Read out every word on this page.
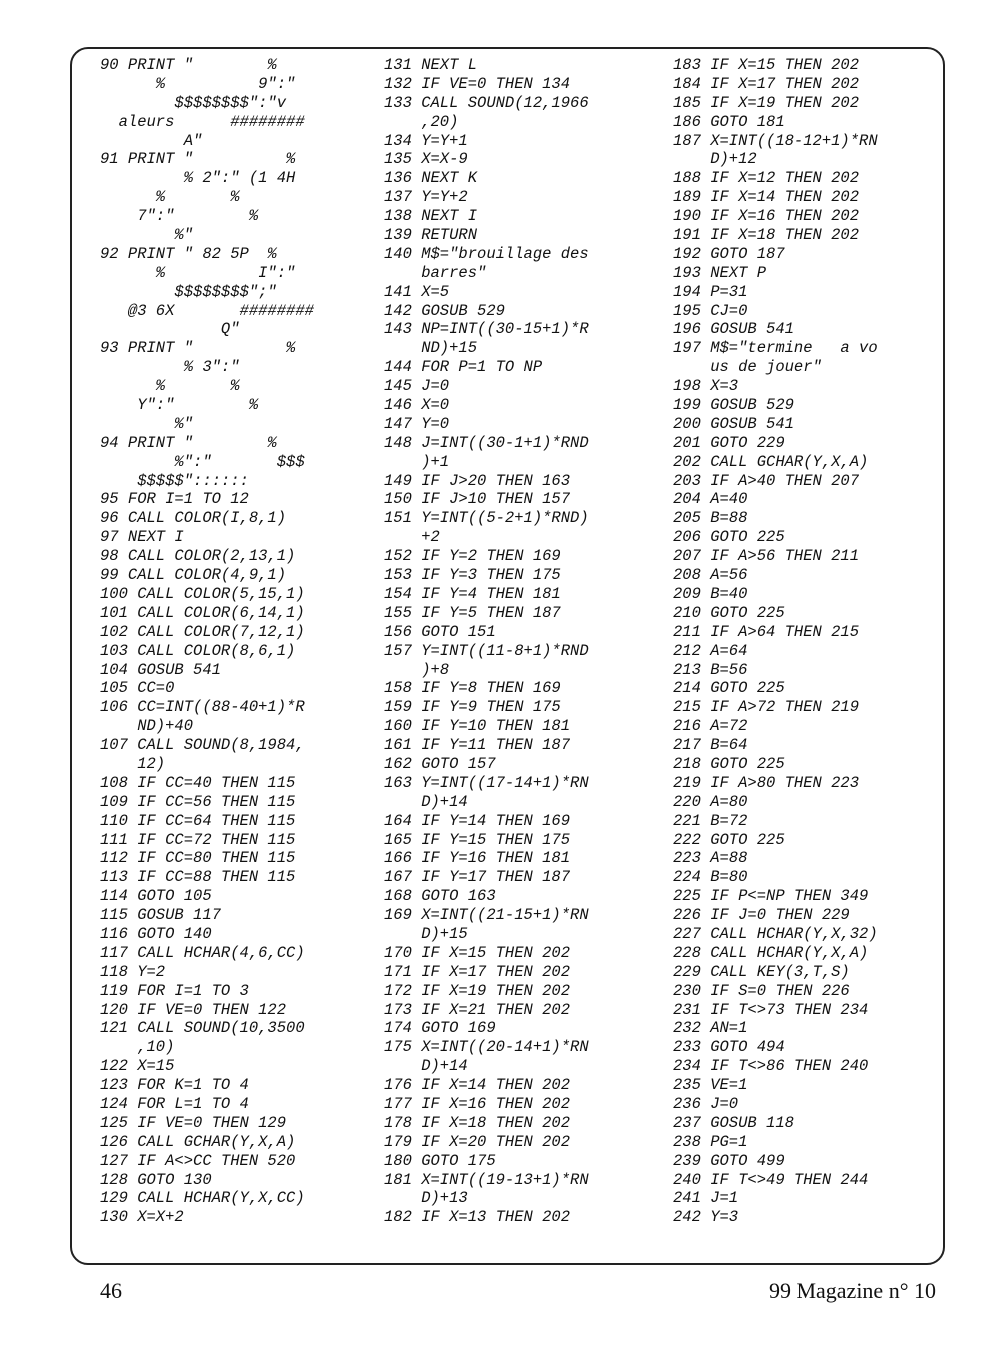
90 PRINT "        %
%          9":"
$$$$$$$$":"v
aleurs      ########
A"
91 PRINT "          %
% 2":" (1 4H
%       %
7":"        %
%"
92 PRINT " 82 5P  %
%          I":"
$$$$$$$$";"
@3 6X       ########
Q"
93 PRINT "          %
% 3":"
%       %
Y":"        %
%"
94 PRINT "        %
%":"       $$$
$$$$$"::::::
95 FOR I=1 TO 12
96 CALL COLOR(I,8,1)
97 NEXT I
98 CALL COLOR(2,13,1)
99 CALL COLOR(4,9,1)
100 CALL COLOR(5,15,1)
101 CALL COLOR(6,14,1)
102 CALL COLOR(7,12,1)
103 CALL COLOR(8,6,1)
104 GOSUB 541
105 CC=0
106 CC=INT((88-40+1)*R
ND)+40
107 CALL SOUND(8,1984,
12)
108 IF CC=40 THEN 115
109 IF CC=56 THEN 115
110 IF CC=64 THEN 115
111 IF CC=72 THEN 115
112 IF CC=80 THEN 115
113 IF CC=88 THEN 115
114 GOTO 105
115 GOSUB 117
116 GOTO 140
117 CALL HCHAR(4,6,CC)
118 Y=2
119 FOR I=1 TO 3
120 IF VE=0 THEN 122
121 CALL SOUND(10,3500
,10)
122 X=15
123 FOR K=1 TO 4
124 FOR L=1 TO 4
125 IF VE=0 THEN 129
126 CALL GCHAR(Y,X,A)
127 IF A<>CC THEN 520
128 GOTO 130
129 CALL HCHAR(Y,X,CC)
130 X=X+2
131 NEXT L
132 IF VE=0 THEN 134
133 CALL SOUND(12,1966
,20)
134 Y=Y+1
135 X=X-9
136 NEXT K
137 Y=Y+2
138 NEXT I
139 RETURN
140 M$="brouillage des
barres"
141 X=5
142 GOSUB 529
143 NP=INT((30-15+1)*R
ND)+15
144 FOR P=1 TO NP
145 J=0
146 X=0
147 Y=0
148 J=INT((30-1+1)*RND
)+1
149 IF J>20 THEN 163
150 IF J>10 THEN 157
151 Y=INT((5-2+1)*RND)
+2
152 IF Y=2 THEN 169
153 IF Y=3 THEN 175
154 IF Y=4 THEN 181
155 IF Y=5 THEN 187
156 GOTO 151
157 Y=INT((11-8+1)*RND
)+8
158 IF Y=8 THEN 169
159 IF Y=9 THEN 175
160 IF Y=10 THEN 181
161 IF Y=11 THEN 187
162 GOTO 157
163 Y=INT((17-14+1)*RN
D)+14
164 IF Y=14 THEN 169
165 IF Y=15 THEN 175
166 IF Y=16 THEN 181
167 IF Y=17 THEN 187
168 GOTO 163
169 X=INT((21-15+1)*RN
D)+15
170 IF X=15 THEN 202
171 IF X=17 THEN 202
172 IF X=19 THEN 202
173 IF X=21 THEN 202
174 GOTO 169
175 X=INT((20-14+1)*RN
D)+14
176 IF X=14 THEN 202
177 IF X=16 THEN 202
178 IF X=18 THEN 202
179 IF X=20 THEN 202
180 GOTO 175
181 X=INT((19-13+1)*RN
D)+13
182 IF X=13 THEN 202
183 IF X=15 THEN 202
184 IF X=17 THEN 202
185 IF X=19 THEN 202
186 GOTO 181
187 X=INT((18-12+1)*RN
D)+12
188 IF X=12 THEN 202
189 IF X=14 THEN 202
190 IF X=16 THEN 202
191 IF X=18 THEN 202
192 GOTO 187
193 NEXT P
194 P=31
195 CJ=0
196 GOSUB 541
197 M$="termine   a vo
us de jouer"
198 X=3
199 GOSUB 529
200 GOSUB 541
201 GOTO 229
202 CALL GCHAR(Y,X,A)
203 IF A>40 THEN 207
204 A=40
205 B=88
206 GOTO 225
207 IF A>56 THEN 211
208 A=56
209 B=40
210 GOTO 225
211 IF A>64 THEN 215
212 A=64
213 B=56
214 GOTO 225
215 IF A>72 THEN 219
216 A=72
217 B=64
218 GOTO 225
219 IF A>80 THEN 223
220 A=80
221 B=72
222 GOTO 225
223 A=88
224 B=80
225 IF P<=NP THEN 349
226 IF J=0 THEN 229
227 CALL HCHAR(Y,X,32)
228 CALL HCHAR(Y,X,A)
229 CALL KEY(3,T,S)
230 IF S=0 THEN 226
231 IF T<>73 THEN 234
232 AN=1
233 GOTO 494
234 IF T<>86 THEN 240
235 VE=1
236 J=0
237 GOSUB 118
238 PG=1
239 GOTO 499
240 IF T<>49 THEN 244
241 J=1
242 Y=3
46	99 Magazine n° 10
